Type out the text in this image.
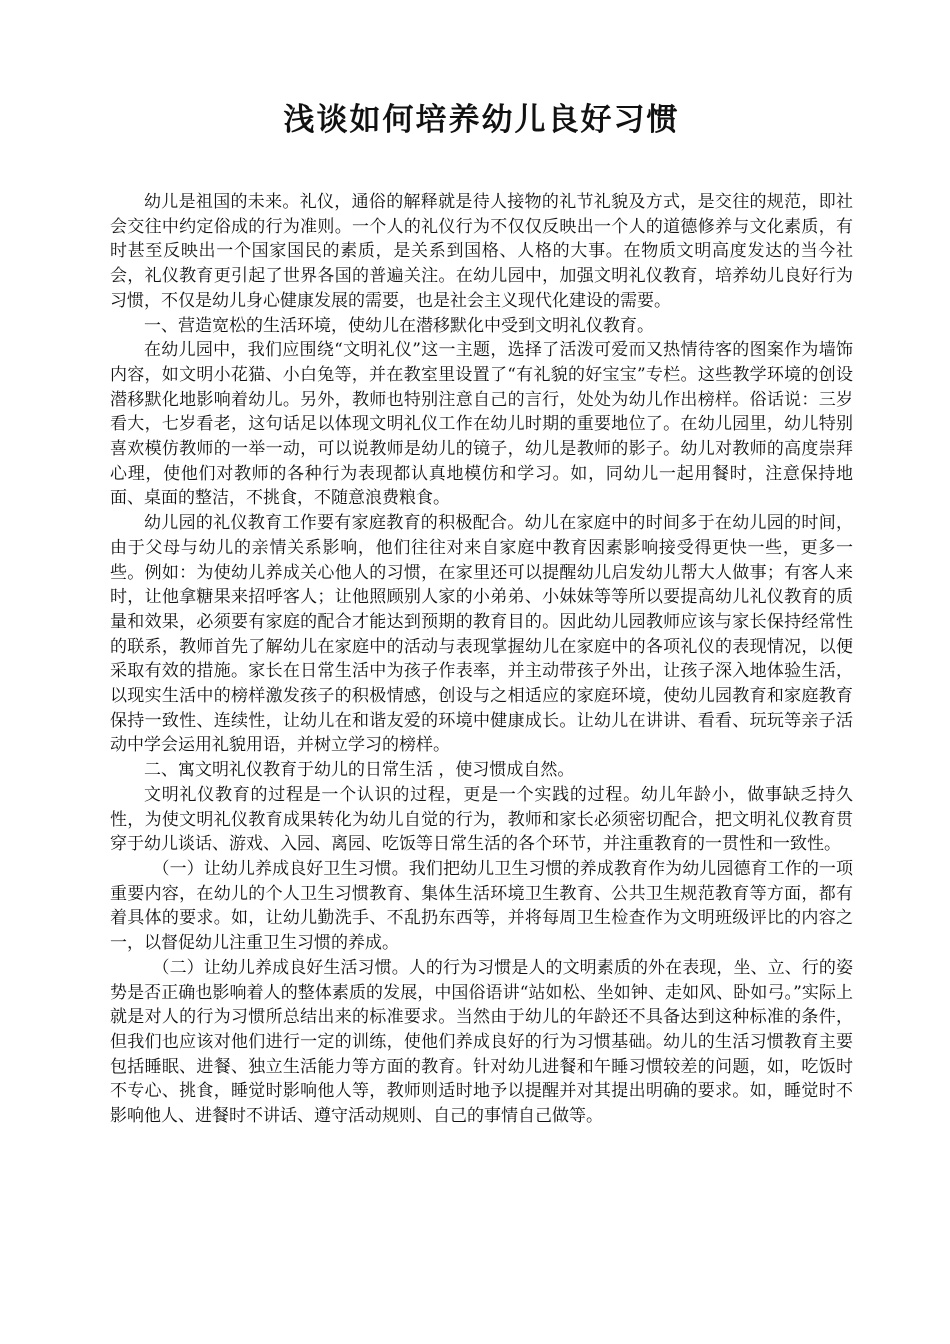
浅谈如何培养幼儿良好习惯

幼儿是祖国的未来。礼仪，通俗的解释就是待人接物的礼节礼貌及方式，是交往的规范，即社会交往中约定俗成的行为准则。一个人的礼仪行为不仅仅反映出一个人的道德修养与文化素质，有时甚至反映出一个国家国民的素质，是关系到国格、人格的大事。在物质文明高度发达的当今社会，礼仪教育更引起了世界各国的普遍关注。在幼儿园中，加强文明礼仪教育，培养幼儿良好行为习惯，不仅是幼儿身心健康发展的需要，也是社会主义现代化建设的需要。

一、营造宽松的生活环境，使幼儿在潜移默化中受到文明礼仪教育。

在幼儿园中，我们应围绕“文明礼仪”这一主题，选择了活泼可爱而又热情待客的图案作为墙饰内容，如文明小花猫、小白兔等，并在教室里设置了“有礼貌的好宝宝”专栏。这些教学环境的创设潜移默化地影响着幼儿。另外，教师也特别注意自己的言行，处处为幼儿作出榜样。俗话说：三岁看大，七岁看老，这句话足以体现文明礼仪工作在幼儿时期的重要地位了。在幼儿园里，幼儿特别喜欢模仿教师的一举一动，可以说教师是幼儿的镜子，幼儿是教师的影子。幼儿对教师的高度崇拜心理，使他们对教师的各种行为表现都认真地模仿和学习。如，同幼儿一起用餐时，注意保持地面、桌面的整洁，不挑食，不随意浪费粮食。

幼儿园的礼仪教育工作要有家庭教育的积极配合。幼儿在家庭中的时间多于在幼儿园的时间，由于父母与幼儿的亲情关系影响，他们往往对来自家庭中教育因素影响接受得更快一些，更多一些。例如：为使幼儿养成关心他人的习惯，在家里还可以提醒幼儿启发幼儿帮大人做事；有客人来时，让他拿糖果来招呼客人；让他照顾别人家的小弟弟、小妹妹等等所以要提高幼儿礼仪教育的质量和效果，必须要有家庭的配合才能达到预期的教育目的。因此幼儿园教师应该与家长保持经常性的联系，教师首先了解幼儿在家庭中的活动与表现掌握幼儿在家庭中的各项礼仪的表现情况，以便采取有效的措施。家长在日常生活中为孩子作表率，并主动带孩子外出，让孩子深入地体验生活，以现实生活中的榜样激发孩子的积极情感，创设与之相适应的家庭环境，使幼儿园教育和家庭教育保持一致性、连续性，让幼儿在和谐友爱的环境中健康成长。让幼儿在讲讲、看看、玩玩等亲子活动中学会运用礼貌用语，并树立学习的榜样。

二、寓文明礼仪教育于幼儿的日常生活 ，使习惯成自然。

文明礼仪教育的过程是一个认识的过程，更是一个实践的过程。幼儿年龄小，做事缺乏持久性，为使文明礼仪教育成果转化为幼儿自觉的行为，教师和家长必须密切配合，把文明礼仪教育贯穿于幼儿谈话、游戏、入园、离园、吃饭等日常生活的各个环节，并注重教育的一贯性和一致性。

（一）让幼儿养成良好卫生习惯。我们把幼儿卫生习惯的养成教育作为幼儿园德育工作的一项重要内容，在幼儿的个人卫生习惯教育、集体生活环境卫生教育、公共卫生规范教育等方面，都有着具体的要求。如，让幼儿勤洗手、不乱扔东西等，并将每周卫生检查作为文明班级评比的内容之一，以督促幼儿注重卫生习惯的养成。

（二）让幼儿养成良好生活习惯。人的行为习惯是人的文明素质的外在表现，坐、立、行的姿势是否正确也影响着人的整体素质的发展，中国俗语讲“站如松、坐如钟、走如风、卧如弓。”实际上就是对人的行为习惯所总结出来的标准要求。当然由于幼儿的年龄还不具备达到这种标准的条件，但我们也应该对他们进行一定的训练，使他们养成良好的行为习惯基础。幼儿的生活习惯教育主要包括睡眠、进餐、独立生活能力等方面的教育。针对幼儿进餐和午睡习惯较差的问题，如，吃饭时不专心、挑食，睡觉时影响他人等，教师则适时地予以提醒并对其提出明确的要求。如，睡觉时不影响他人、进餐时不讲话、遵守活动规则、自己的事情自己做等。
